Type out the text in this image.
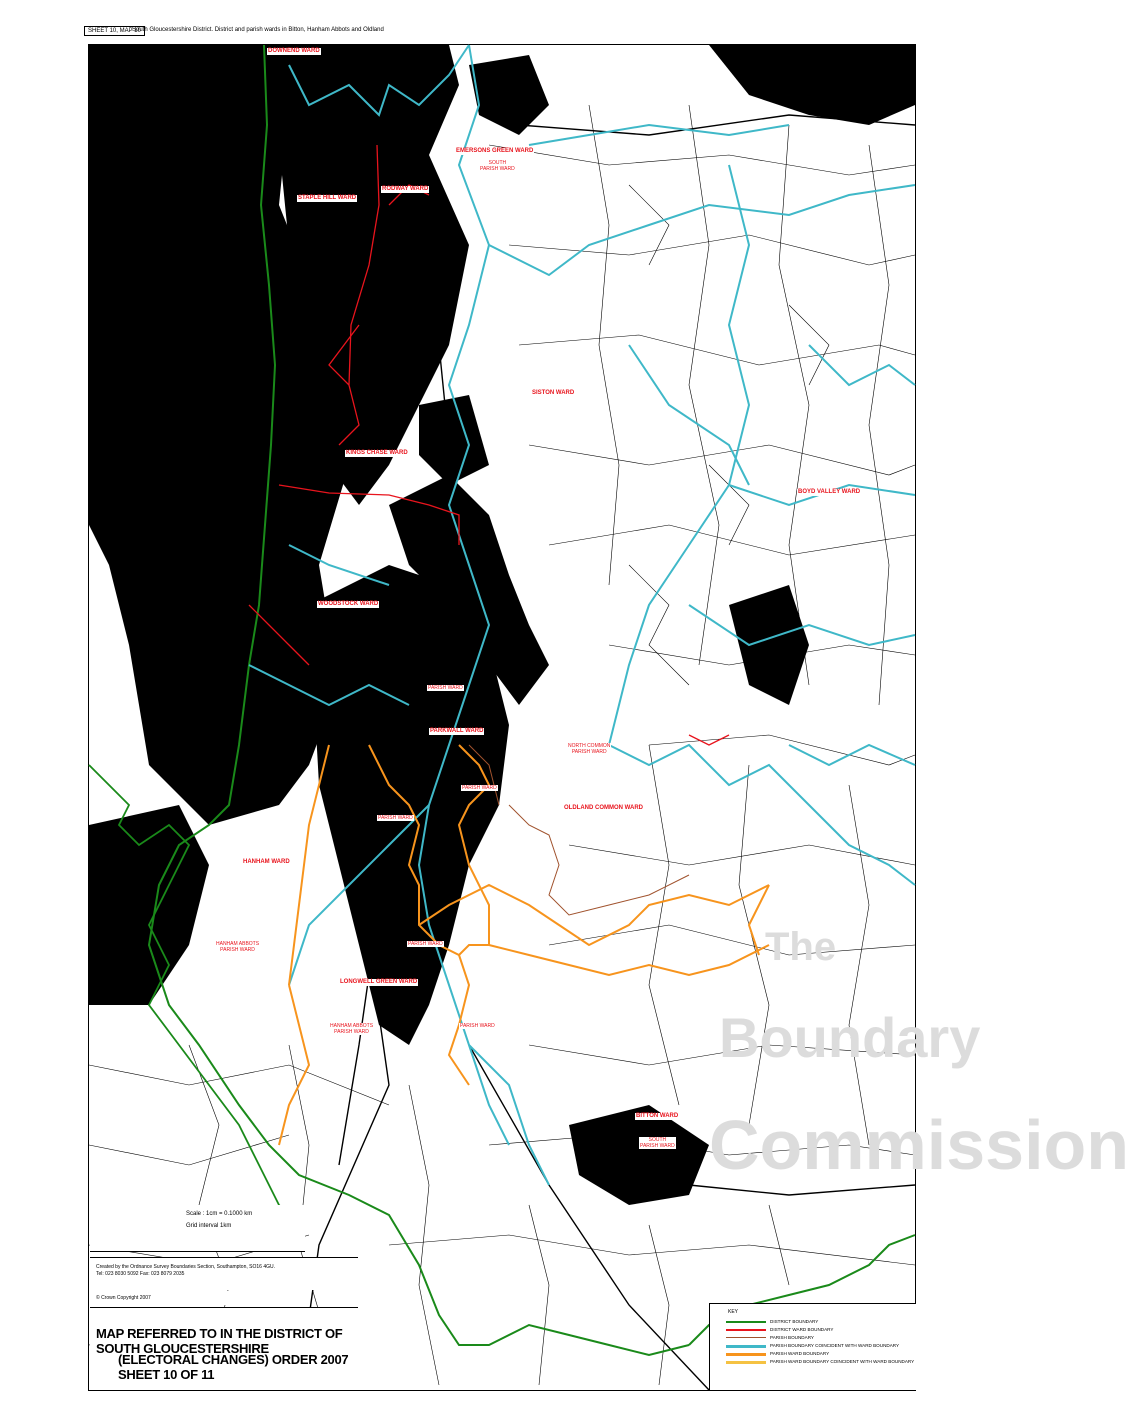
SHEET 10, MAP 10
South Gloucestershire District. District and parish wards in Bitton, Hanham Abbots and Oldland
DOWNEND WARD
EMERSONS GREEN WARD
STAPLE HILL WARD
RODWAY WARD
SISTON WARD
KINGS CHASE WARD
BOYD VALLEY WARD
WOODSTOCK WARD
PARKWALL WARD
OLDLAND COMMON WARD
HANHAM WARD
LONGWELL GREEN WARD
BITTON WARD
SOUTH
PARISH WARD
PARISH WARD
NORTH COMMON
PARISH WARD
PARISH WARD
PARISH WARD
HANHAM ABBOTS
PARISH WARD
PARISH WARD
HANHAM ABBOTS
PARISH WARD
PARISH WARD
SOUTH
PARISH WARD
The
Boundary
Commission
Scale : 1cm = 0.1000 km
Grid interval 1km
Created by the Ordnance Survey Boundaries Section, Southampton, SO16 4GU.
Tel: 023 8030 5092 Fax: 023 8079 2035
© Crown Copyright 2007
MAP REFERRED TO IN THE DISTRICT OF SOUTH GLOUCESTERSHIRE
(ELECTORAL CHANGES) ORDER 2007 SHEET 10 OF 11
KEY
DISTRICT BOUNDARY
DISTRICT WARD BOUNDARY
PARISH BOUNDARY
PARISH BOUNDARY COINCIDENT WITH WARD BOUNDARY
PARISH WARD BOUNDARY
PARISH WARD BOUNDARY COINCIDENT WITH WARD BOUNDARY
